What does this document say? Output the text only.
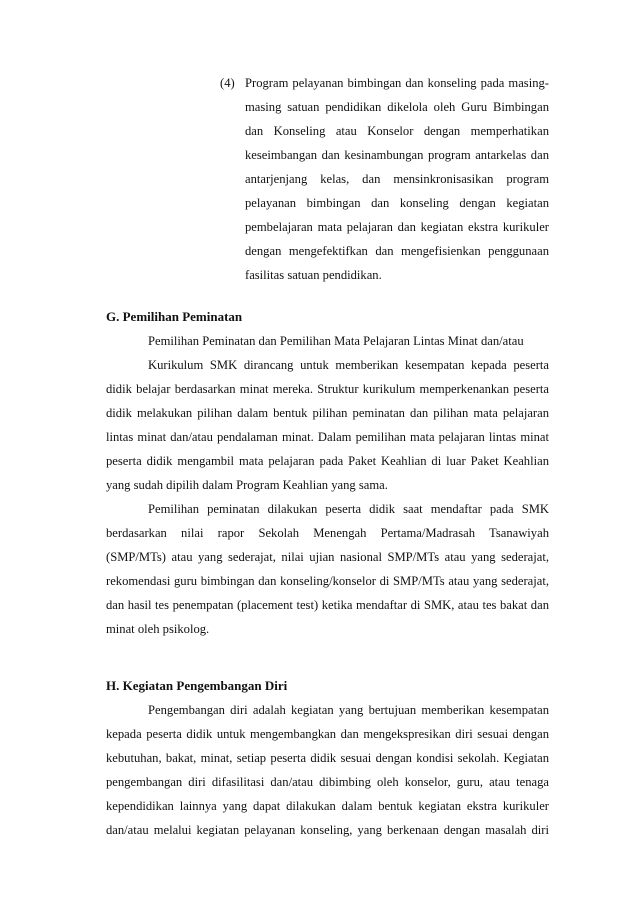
(4) Program pelayanan bimbingan dan konseling pada masing-
masing satuan pendidikan dikelola oleh Guru Bimbingan
dan Konseling atau Konselor dengan memperhatikan
keseimbangan dan kesinambungan program antarkelas dan
antarjenjang kelas, dan mensinkronisasikan program
pelayanan bimbingan dan konseling dengan kegiatan
pembelajaran mata pelajaran dan kegiatan ekstra kurikuler
dengan mengefektifkan dan mengefisienkan penggunaan
fasilitas satuan pendidikan.
G. Pemilihan Peminatan
Pemilihan Peminatan dan Pemilihan Mata Pelajaran Lintas Minat dan/atau
Kurikulum SMK dirancang untuk memberikan kesempatan kepada peserta
didik belajar berdasarkan minat mereka. Struktur kurikulum memperkenankan peserta
didik melakukan pilihan dalam bentuk pilihan peminatan dan pilihan mata pelajaran
lintas minat dan/atau pendalaman minat. Dalam pemilihan mata pelajaran lintas minat
peserta didik mengambil mata pelajaran pada Paket Keahlian di luar Paket Keahlian
yang sudah dipilih dalam Program Keahlian yang sama.
Pemilihan peminatan dilakukan peserta didik saat mendaftar pada SMK
berdasarkan nilai rapor Sekolah Menengah Pertama/Madrasah Tsanawiyah
(SMP/MTs) atau yang sederajat, nilai ujian nasional SMP/MTs atau yang sederajat,
rekomendasi guru bimbingan dan konseling/konselor di SMP/MTs atau yang sederajat,
dan hasil tes penempatan (placement test) ketika mendaftar di SMK, atau tes bakat dan
minat oleh psikolog.
H. Kegiatan Pengembangan Diri
Pengembangan diri adalah kegiatan yang bertujuan memberikan kesempatan
kepada peserta didik untuk mengembangkan dan mengekspresikan diri sesuai dengan
kebutuhan, bakat, minat, setiap peserta didik sesuai dengan kondisi sekolah. Kegiatan
pengembangan diri difasilitasi dan/atau dibimbing oleh konselor, guru, atau tenaga
kependidikan lainnya yang dapat dilakukan dalam bentuk kegiatan ekstra kurikuler
dan/atau melalui kegiatan pelayanan konseling, yang berkenaan dengan masalah diri
